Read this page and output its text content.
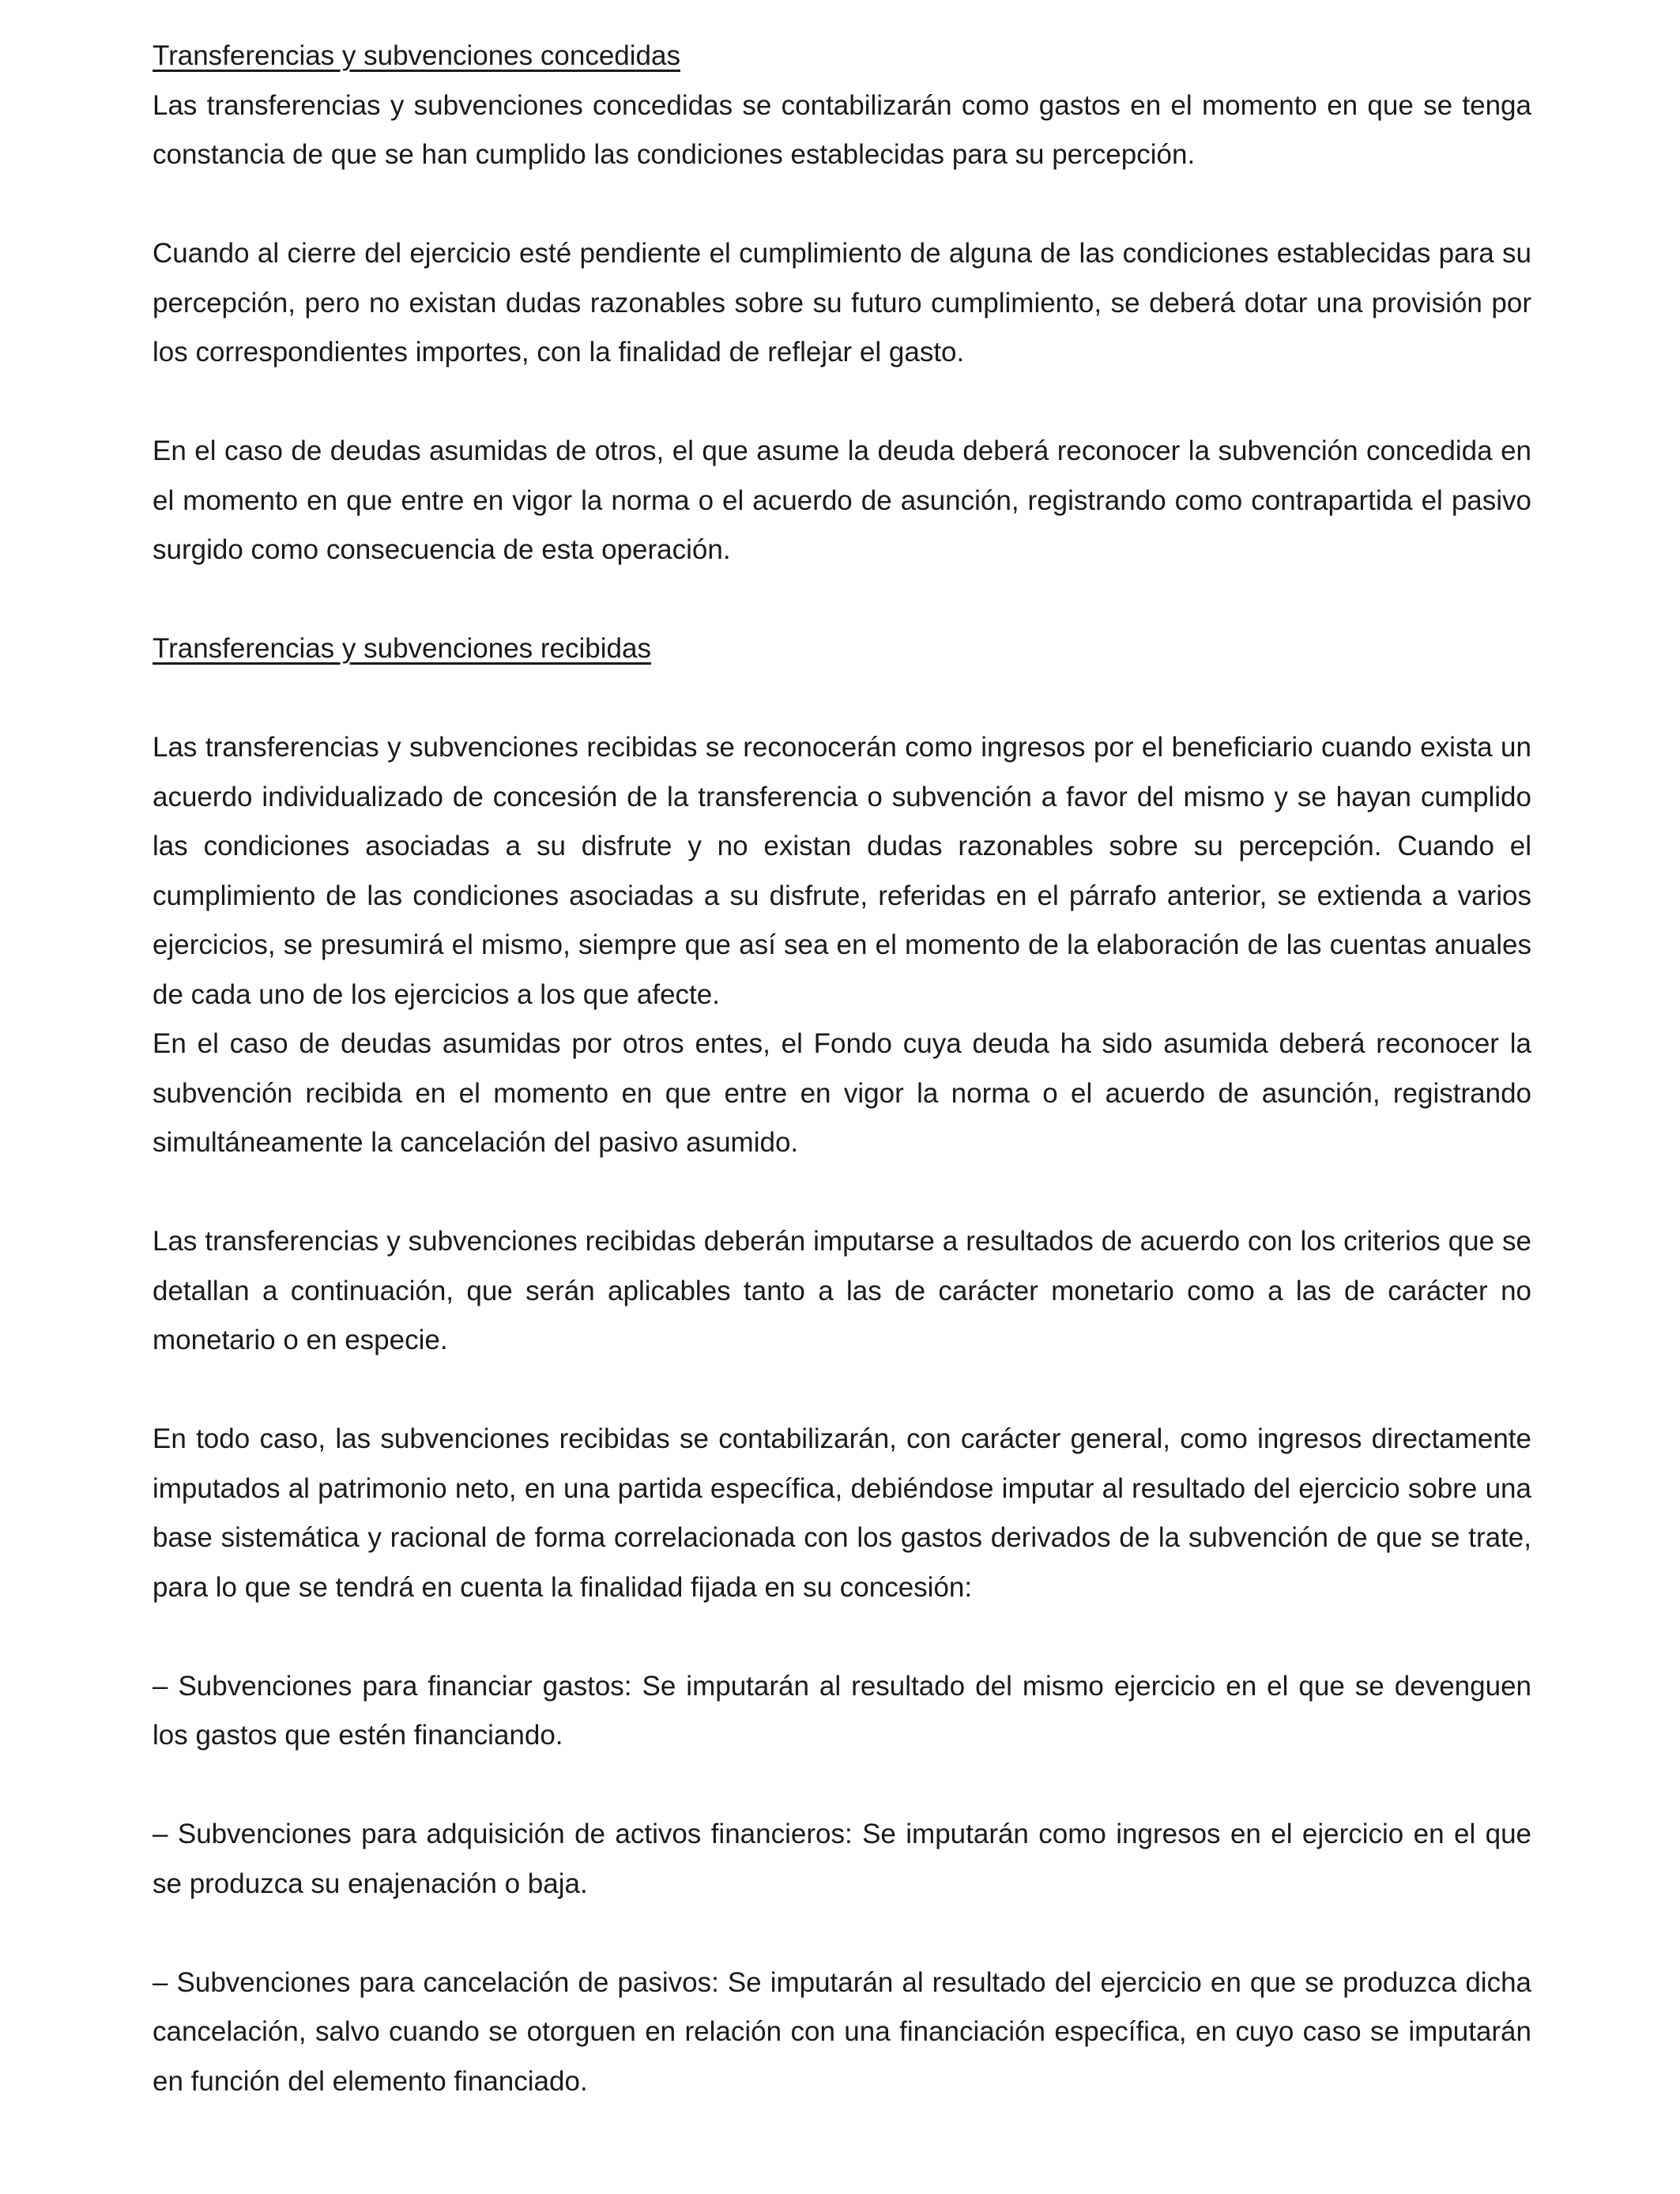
Transferencias y subvenciones concedidas

Las transferencias y subvenciones concedidas se contabilizarán como gastos en el momento en que se tenga constancia de que se han cumplido las condiciones establecidas para su percepción.

Cuando al cierre del ejercicio esté pendiente el cumplimiento de alguna de las condiciones establecidas para su percepción, pero no existan dudas razonables sobre su futuro cumplimiento, se deberá dotar una provisión por los correspondientes importes, con la finalidad de reflejar el gasto.

En el caso de deudas asumidas de otros, el que asume la deuda deberá reconocer la subvención concedida en el momento en que entre en vigor la norma o el acuerdo de asunción, registrando como contrapartida el pasivo surgido como consecuencia de esta operación.

Transferencias y subvenciones recibidas

Las transferencias y subvenciones recibidas se reconocerán como ingresos por el beneficiario cuando exista un acuerdo individualizado de concesión de la transferencia o subvención a favor del mismo y se hayan cumplido las condiciones asociadas a su disfrute y no existan dudas razonables sobre su percepción. Cuando el cumplimiento de las condiciones asociadas a su disfrute, referidas en el párrafo anterior, se extienda a varios ejercicios, se presumirá el mismo, siempre que así sea en el momento de la elaboración de las cuentas anuales de cada uno de los ejercicios a los que afecte.

En el caso de deudas asumidas por otros entes, el Fondo cuya deuda ha sido asumida deberá reconocer la subvención recibida en el momento en que entre en vigor la norma o el acuerdo de asunción, registrando simultáneamente la cancelación del pasivo asumido.

Las transferencias y subvenciones recibidas deberán imputarse a resultados de acuerdo con los criterios que se detallan a continuación, que serán aplicables tanto a las de carácter monetario como a las de carácter no monetario o en especie.

En todo caso, las subvenciones recibidas se contabilizarán, con carácter general, como ingresos directamente imputados al patrimonio neto, en una partida específica, debiéndose imputar al resultado del ejercicio sobre una base sistemática y racional de forma correlacionada con los gastos derivados de la subvención de que se trate, para lo que se tendrá en cuenta la finalidad fijada en su concesión:

– Subvenciones para financiar gastos: Se imputarán al resultado del mismo ejercicio en el que se devenguen los gastos que estén financiando.

– Subvenciones para adquisición de activos financieros: Se imputarán como ingresos en el ejercicio en el que se produzca su enajenación o baja.

– Subvenciones para cancelación de pasivos: Se imputarán al resultado del ejercicio en que se produzca dicha cancelación, salvo cuando se otorguen en relación con una financiación específica, en cuyo caso se imputarán en función del elemento financiado.
